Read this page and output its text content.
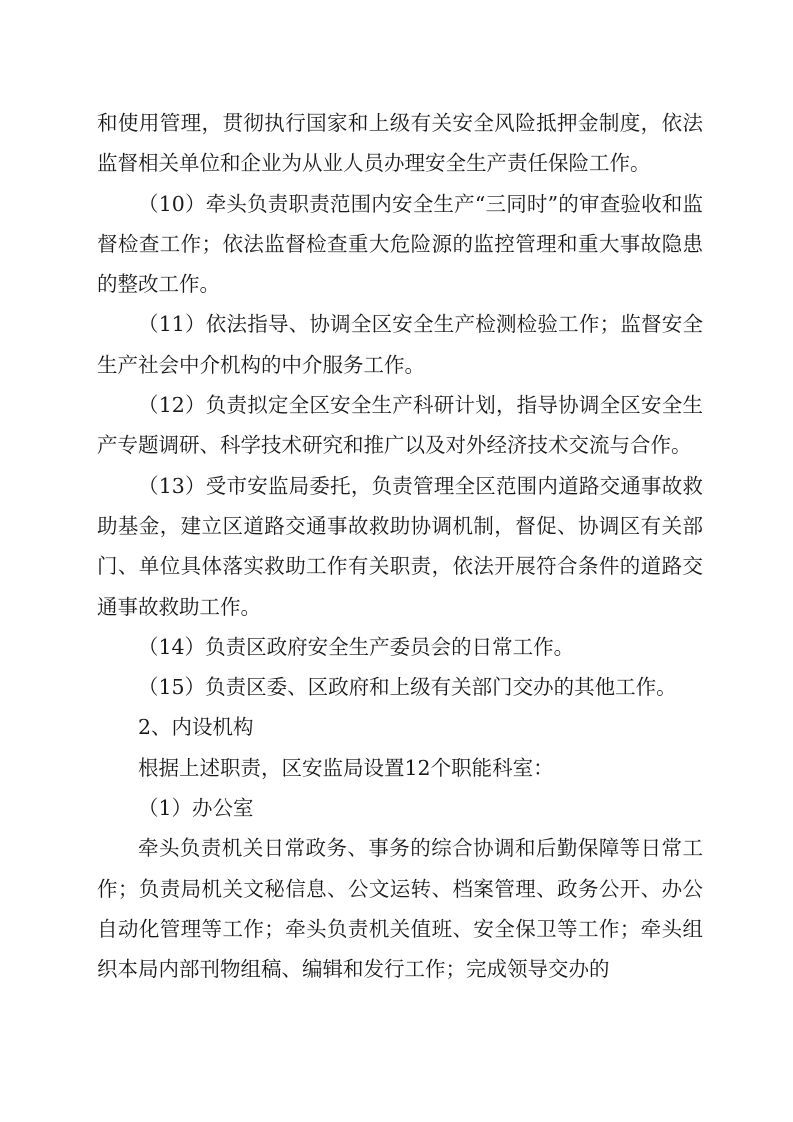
和使用管理，贯彻执行国家和上级有关安全风险抵押金制度，依法监督相关单位和企业为从业人员办理安全生产责任保险工作。

（10）牵头负责职责范围内安全生产“三同时”的审查验收和监督检查工作；依法监督检查重大危险源的监控管理和重大事故隐患的整改工作。

（11）依法指导、协调全区安全生产检测检验工作；监督安全生产社会中介机构的中介服务工作。

（12）负责拟定全区安全生产科研计划，指导协调全区安全生产专题调研、科学技术研究和推广以及对外经济技术交流与合作。

（13）受市安监局委托，负责管理全区范围内道路交通事故救助基金，建立区道路交通事故救助协调机制，督促、协调区有关部门、单位具体落实救助工作有关职责，依法开展符合条件的道路交通事故救助工作。

（14）负责区政府安全生产委员会的日常工作。

（15）负责区委、区政府和上级有关部门交办的其他工作。

2、内设机构

根据上述职责，区安监局设置12个职能科室：

（1）办公室

牵头负责机关日常政务、事务的综合协调和后勤保障等日常工作；负责局机关文秘信息、公文运转、档案管理、政务公开、办公自动化管理等工作；牵头负责机关值班、安全保卫等工作；牵头组织本局内部刊物组稿、编辑和发行工作；完成领导交办的
